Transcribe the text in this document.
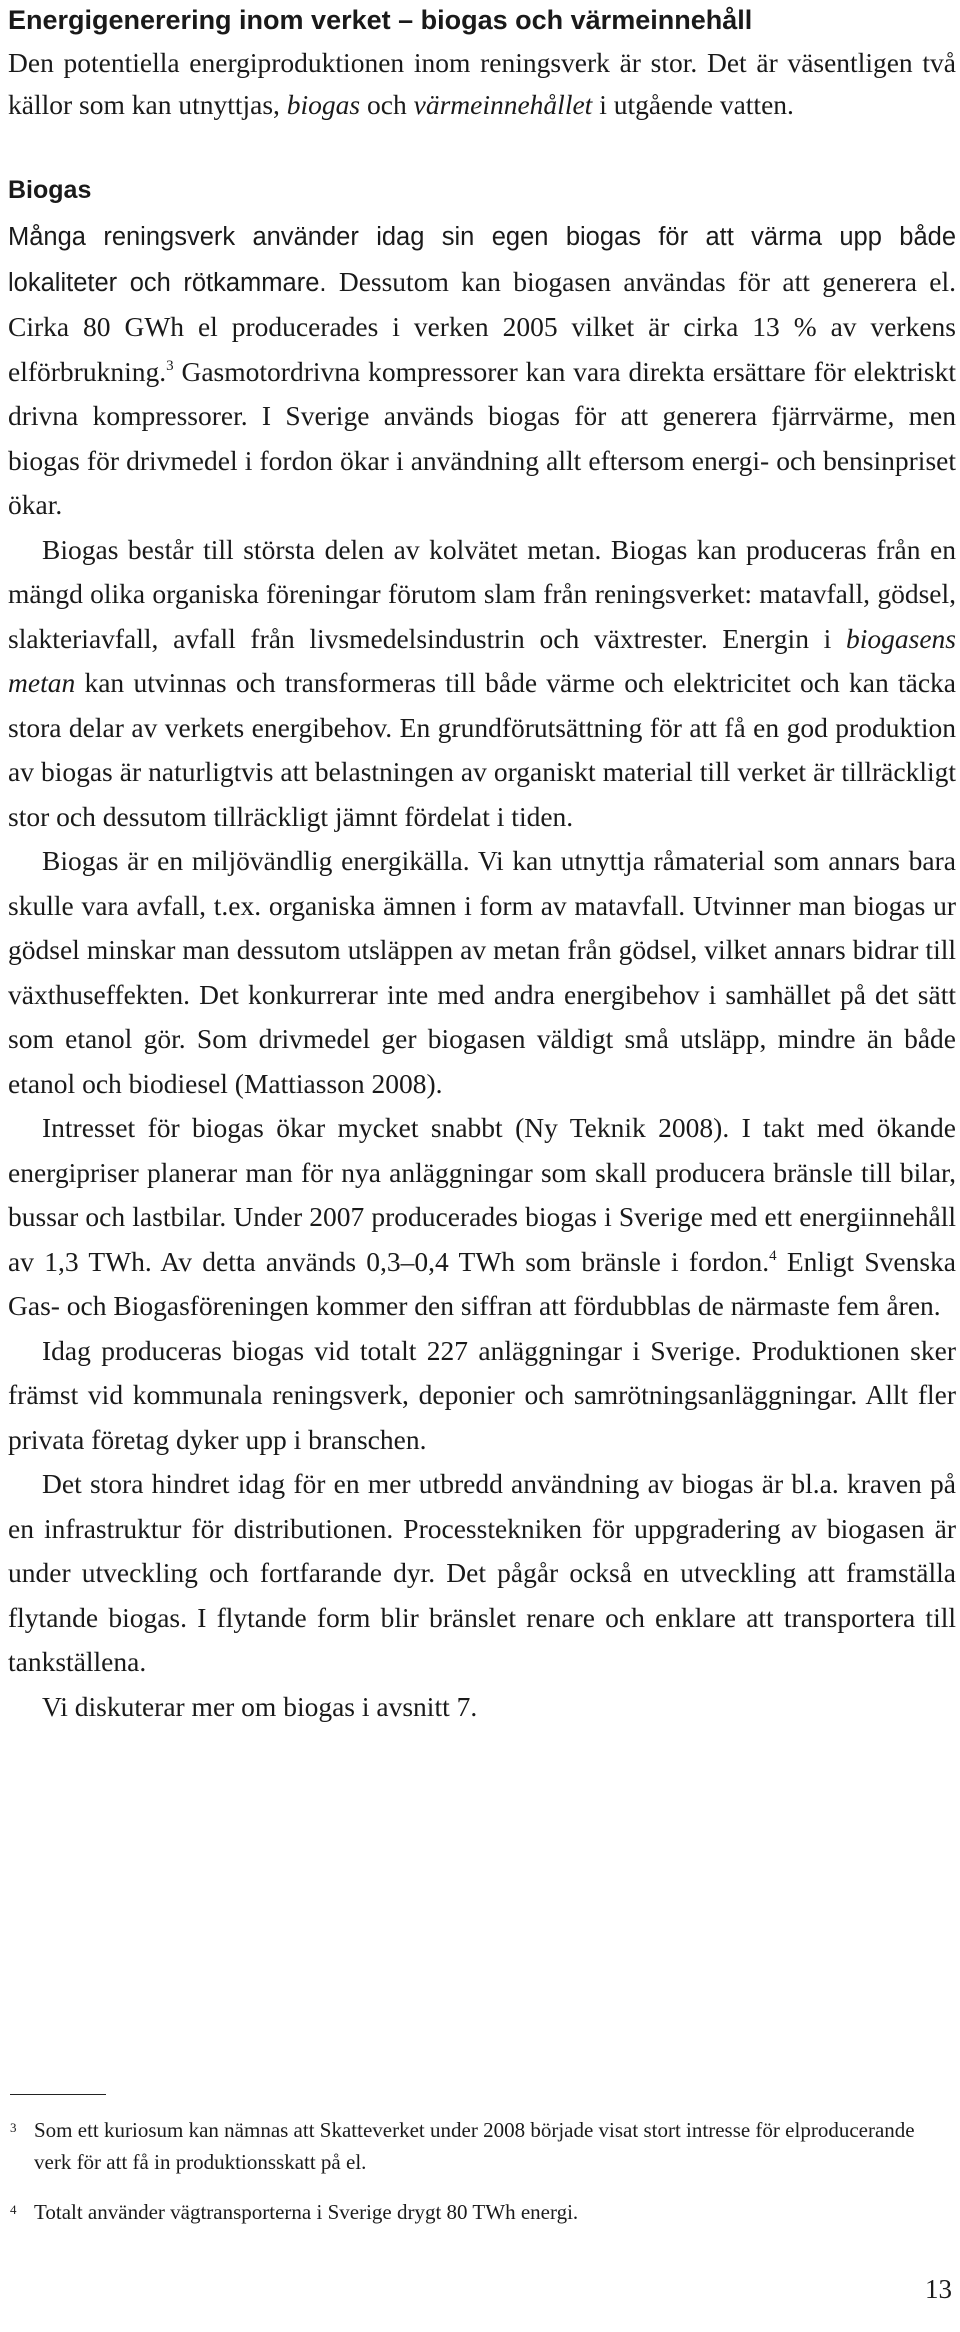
Energigenerering inom verket – biogas och värmeinnehåll

Den potentiella energiproduktionen inom reningsverk är stor. Det är väsentligen två källor som kan utnyttjas, biogas och värmeinnehållet i utgående vatten.

Biogas

Många reningsverk använder idag sin egen biogas för att värma upp både lokaliteter och rötkammare. Dessutom kan biogasen användas för att generera el. Cirka 80 GWh el producerades i verken 2005 vilket är cirka 13 % av verkens elförbrukning.$^3$ Gasmotordrivna kompressorer kan vara direkta ersättare för elektriskt drivna kompressorer. I Sverige används biogas för att generera fjärrvärme, men biogas för drivmedel i fordon ökar i användning allt eftersom energi- och bensinpriset ökar.

Biogas består till största delen av kolvätet metan. Biogas kan produceras från en mängd olika organiska föreningar förutom slam från reningsverket: matavfall, gödsel, slakteriavfall, avfall från livsmedelsindustrin och växtrester. Energin i biogasens metan kan utvinnas och transformeras till både värme och elektricitet och kan täcka stora delar av verkets energibehov. En grundförutsättning för att få en god produktion av biogas är naturligtvis att belastningen av organiskt material till verket är tillräckligt stor och dessutom tillräckligt jämnt fördelat i tiden.

Biogas är en miljövändlig energikälla. Vi kan utnyttja råmaterial som annars bara skulle vara avfall, t.ex. organiska ämnen i form av matavfall. Utvinner man biogas ur gödsel minskar man dessutom utsläppen av metan från gödsel, vilket annars bidrar till växthuseffekten. Det konkurrerar inte med andra energibehov i samhället på det sätt som etanol gör. Som drivmedel ger biogasen väldigt små utsläpp, mindre än både etanol och biodiesel (Mattiasson 2008).

Intresset för biogas ökar mycket snabbt (Ny Teknik 2008). I takt med ökande energipriser planerar man för nya anläggningar som skall producera bränsle till bilar, bussar och lastbilar. Under 2007 producerades biogas i Sverige med ett energiinnehåll av 1,3 TWh. Av detta används 0,3–0,4 TWh som bränsle i fordon.$^4$ Enligt Svenska Gas- och Biogasföreningen kommer den siffran att fördubblas de närmaste fem åren.

Idag produceras biogas vid totalt 227 anläggningar i Sverige. Produktionen sker främst vid kommunala reningsverk, deponier och samrötningsanläggningar. Allt fler privata företag dyker upp i branschen.

Det stora hindret idag för en mer utbredd användning av biogas är bl.a. kraven på en infrastruktur för distributionen. Processtekniken för uppgradering av biogasen är under utveckling och fortfarande dyr. Det pågår också en utveckling att framställa flytande biogas. I flytande form blir bränslet renare och enklare att transportera till tankställena.

Vi diskuterar mer om biogas i avsnitt 7.

3 Som ett kuriosum kan nämnas att Skatteverket under 2008 började visat stort intresse för elproducerande verk för att få in produktionsskatt på el.
4 Totalt använder vägtransporterna i Sverige drygt 80 TWh energi.
13
